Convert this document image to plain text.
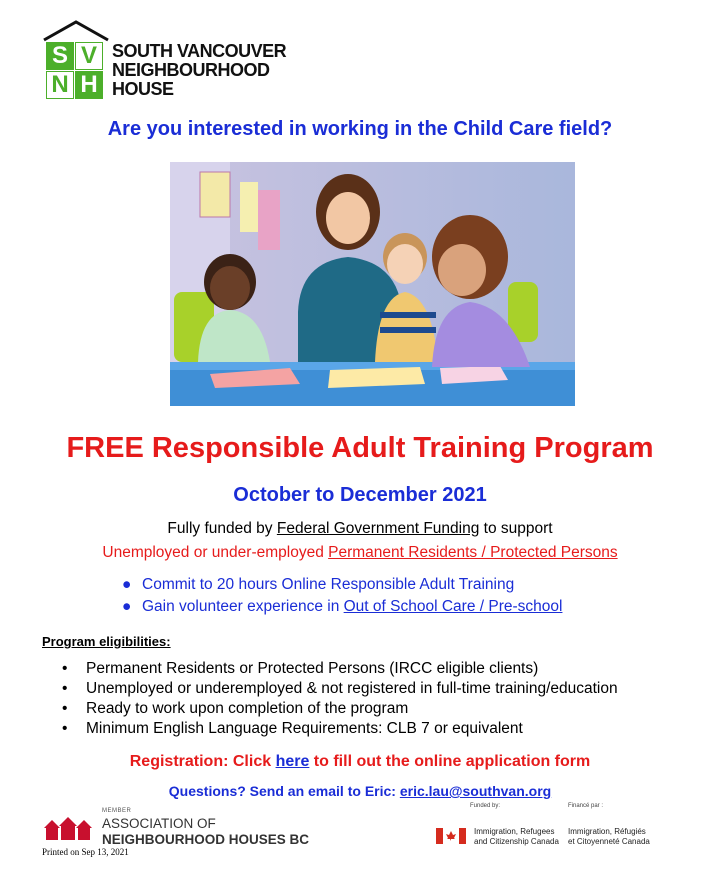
S V
N H
SOUTH VANCOUVER
NEIGHBOURHOOD
HOUSE
Are you interested in working in the Child Care field?
FREE Responsible Adult Training Program
October to December 2021
Fully funded by Federal Government Funding to support
Unemployed or under-employed Permanent Residents / Protected Persons
● Commit to 20 hours Online Responsible Adult Training
● Gain volunteer experience in Out of School Care / Pre-school
Program eligibilities:
• Permanent Residents or Protected Persons (IRCC eligible clients)
• Unemployed or underemployed & not registered in full-time training/education
• Ready to work upon completion of the program
• Minimum English Language Requirements: CLB 7 or equivalent
Registration: Click here to fill out the online application form
Questions? Send an email to Eric: eric.lau@southvan.org
MEMBER
ASSOCIATION OF
NEIGHBOURHOOD HOUSES BC
Printed on Sep 13, 2021
Funded by:	Financé par :
Immigration, Refugees
and Citizenship Canada
Immigration, Réfugiés
et Citoyenneté Canada
